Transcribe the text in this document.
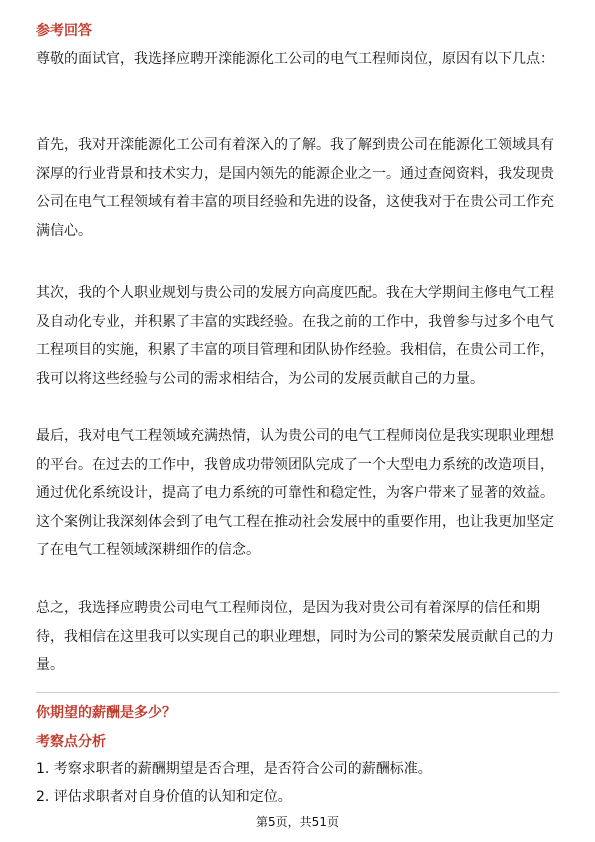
参考回答
尊敬的面试官，我选择应聘开滦能源化工公司的电气工程师岗位，原因有以下几点：
首先，我对开滦能源化工公司有着深入的了解。我了解到贵公司在能源化工领域具有深厚的行业背景和技术实力，是国内领先的能源企业之一。通过查阅资料，我发现贵公司在电气工程领域有着丰富的项目经验和先进的设备，这使我对于在贵公司工作充满信心。
其次，我的个人职业规划与贵公司的发展方向高度匹配。我在大学期间主修电气工程及自动化专业，并积累了丰富的实践经验。在我之前的工作中，我曾参与过多个电气工程项目的实施，积累了丰富的项目管理和团队协作经验。我相信，在贵公司工作，我可以将这些经验与公司的需求相结合，为公司的发展贡献自己的力量。
最后，我对电气工程领域充满热情，认为贵公司的电气工程师岗位是我实现职业理想的平台。在过去的工作中，我曾成功带领团队完成了一个大型电力系统的改造项目，通过优化系统设计，提高了电力系统的可靠性和稳定性，为客户带来了显著的效益。这个案例让我深刻体会到了电气工程在推动社会发展中的重要作用，也让我更加坚定了在电气工程领域深耕细作的信念。
总之，我选择应聘贵公司电气工程师岗位，是因为我对贵公司有着深厚的信任和期待，我相信在这里我可以实现自己的职业理想，同时为公司的繁荣发展贡献自己的力量。
你期望的薪酬是多少？
考察点分析
1. 考察求职者的薪酬期望是否合理，是否符合公司的薪酬标准。
2. 评估求职者对自身价值的认知和定位。
第5页，共51页
